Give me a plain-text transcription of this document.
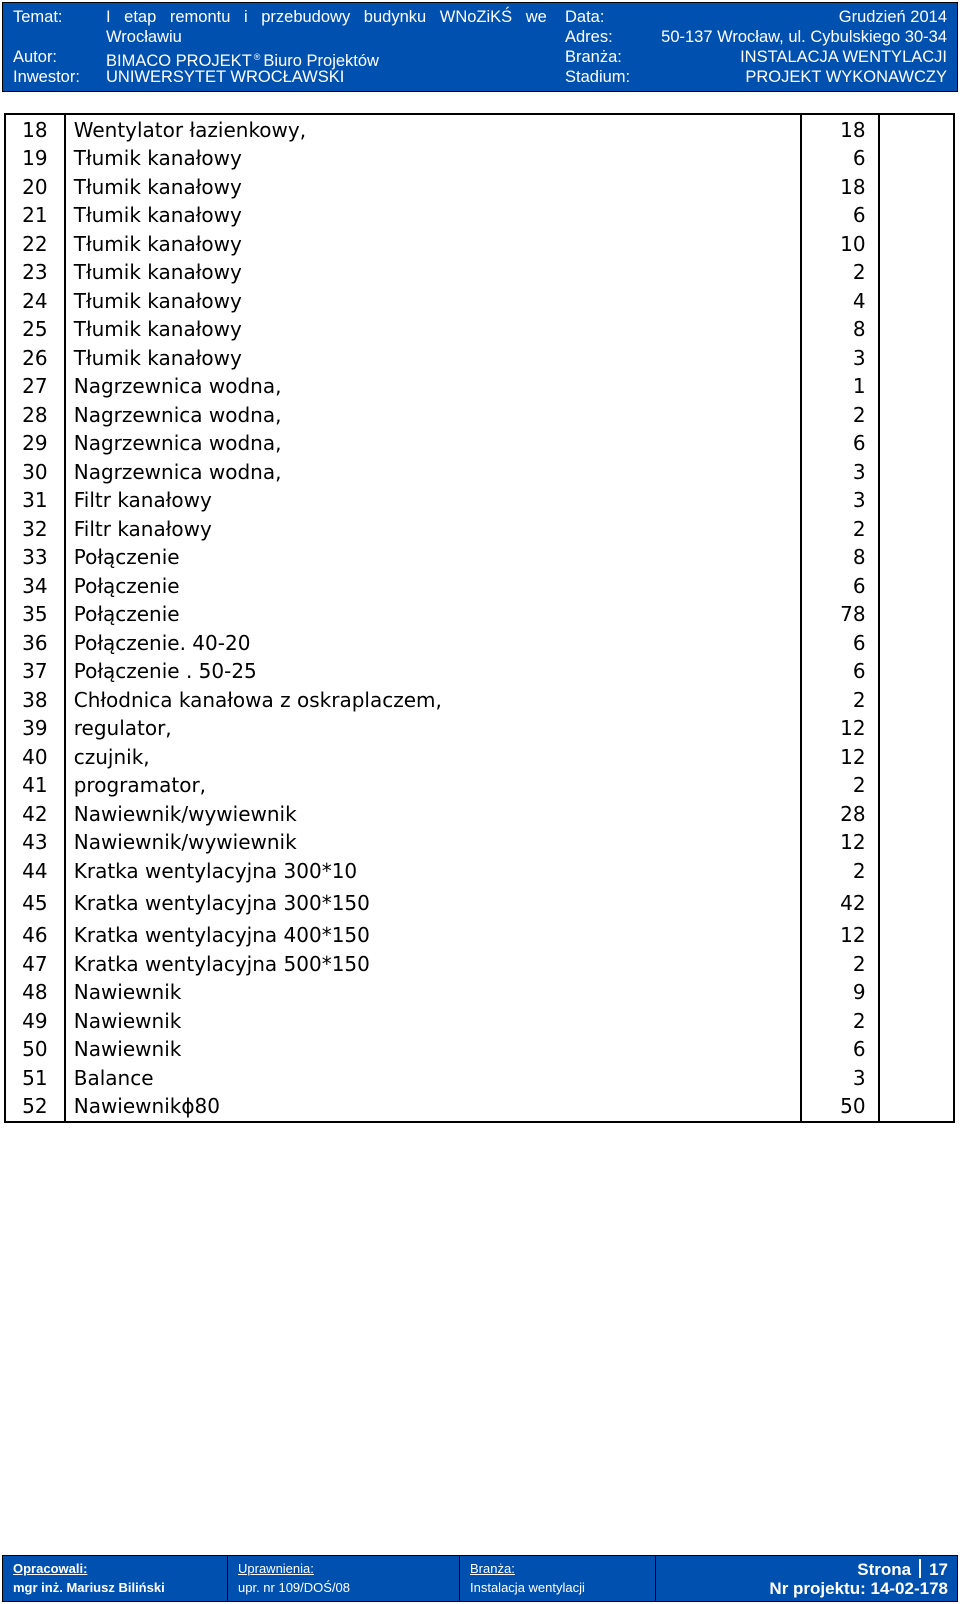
Temat:	I etap remontu i przebudowy budynku WNoZiKŚ we
Wrocławiu
Autor:
Data:	Grudzień 2014
Adres:	50-137 Wrocław, ul. Cybulskiego 30-34
BIMACO PROJEKT ® Biuro Projektów	Branża:	INSTALACJA WENTYLACJI
Inwestor: UNIWERSYTET WROCŁAWSKI	Stadium:	PROJEKT WYKONAWCZY
18	Wentylator łazienkowy,	18	
19	Tłumik kanałowy	6	
20	Tłumik kanałowy	18	
21	Tłumik kanałowy	6	
22	Tłumik kanałowy	10	
23	Tłumik kanałowy	2	
24	Tłumik kanałowy	4	
25	Tłumik kanałowy	8	
26	Tłumik kanałowy	3	
27	Nagrzewnica wodna,	1	
28	Nagrzewnica wodna,	2	
29	Nagrzewnica wodna,	6	
30	Nagrzewnica wodna,	3	
31	Filtr kanałowy	3	
32	Filtr kanałowy	2	
33	Połączenie	8	
34	Połączenie	6	
35	Połączenie	78	
36	Połączenie. 40-20	6	
37	Połączenie . 50-25	6	
38	Chłodnica kanałowa z oskraplaczem,	2	
39	regulator,	12	
40	czujnik,	12	
41	programator,	2	
42	Nawiewnik/wywiewnik	28	
43	Nawiewnik/wywiewnik	12	
44	Kratka wentylacyjna 300*10	2	
45	Kratka wentylacyjna 300*150	42	
46	Kratka wentylacyjna 400*150	12	
47	Kratka wentylacyjna 500*150	2	
48	Nawiewnik	9	
49	Nawiewnik	2	
50	Nawiewnik	6	
51	Balance	3	
52	Nawiewnikϕ80	50	
Opracowali:
mgr inż. Mariusz Biliński
Uprawnienia:
upr. nr 109/DOŚ/08
Branża:
Instalacja wentylacji
Strona 17
Nr projektu: 14-02-178
